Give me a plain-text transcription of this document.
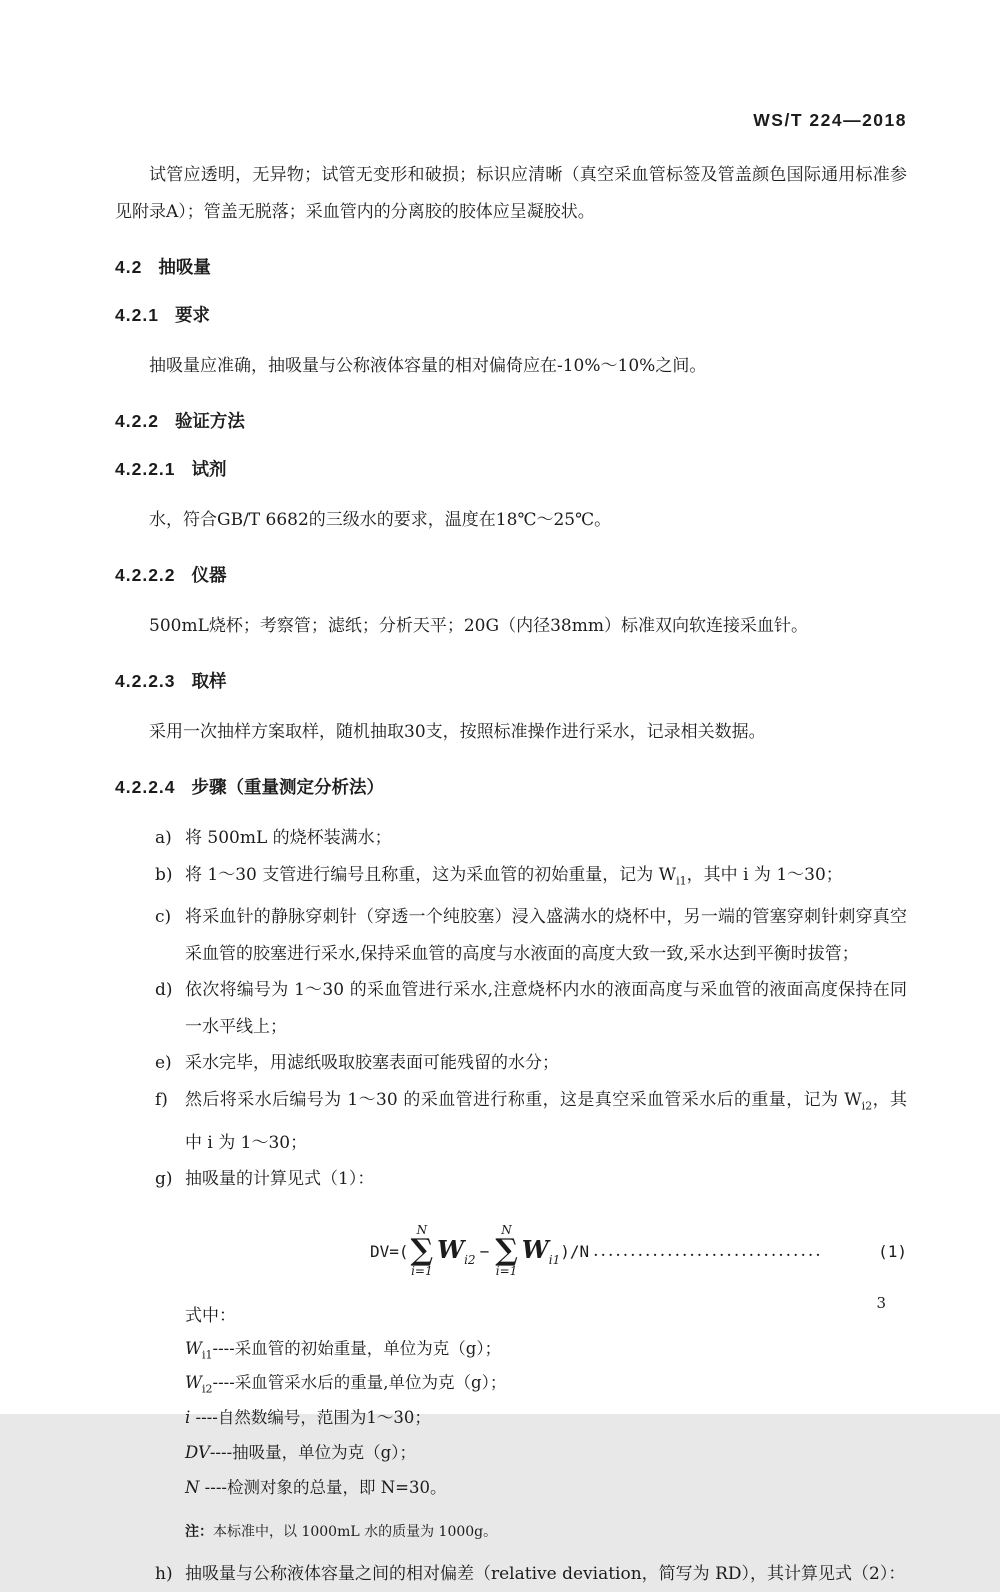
WS/T 224—2018

试管应透明，无异物；试管无变形和破损；标识应清晰（真空采血管标签及管盖颜色国际通用标准参见附录A）；管盖无脱落；采血管内的分离胶的胶体应呈凝胶状。

4.2 抽吸量
4.2.1 要求

抽吸量应准确，抽吸量与公称液体容量的相对偏倚应在-10%～10%之间。

4.2.2 验证方法
4.2.2.1 试剂

水，符合GB/T 6682的三级水的要求，温度在18℃～25℃。

4.2.2.2 仪器

500mL烧杯；考察管；滤纸；分析天平；20G（内径38mm）标准双向软连接采血针。

4.2.2.3 取样

采用一次抽样方案取样，随机抽取30支，按照标准操作进行采水，记录相关数据。

4.2.2.4 步骤（重量测定分析法）
a) 将 500mL 的烧杯装满水；
b) 将 1～30 支管进行编号且称重，这为采血管的初始重量，记为 $W_{i1}$，其中 i 为 1～30；
c) 将采血针的静脉穿刺针（穿透一个纯胶塞）浸入盛满水的烧杯中，另一端的管塞穿刺针刺穿真空采血管的胶塞进行采水,保持采血管的高度与水液面的高度大致一致,采水达到平衡时拔管；
d) 依次将编号为 1～30 的采血管进行采水,注意烧杯内水的液面高度与采血管的液面高度保持在同一水平线上；
e) 采水完毕，用滤纸吸取胶塞表面可能残留的水分；
f)	然后将采水后编号为 1～30 的采血管进行称重，这是真空采血管采水后的重量，记为 $W_{i2}$，其中 i 为 1～30；
g) 抽吸量的计算见式（1）：
DV=(
N
∑
i=1
$W_{i2}$ −
N
∑
i=1
$W_{i1}$ )/N ...............................	(1)

式中：

$W_{i1}----$采血管的初始重量，单位为克（g）；

$W_{i2}----$采血管采水后的重量,单位为克（g）；

i ----自然数编号，范围为1～30；

DV----抽吸量，单位为克（g）；

N ----检测对象的总量，即 N=30。

注：本标准中，以 1000mL 水的质量为 1000g。

h) 抽吸量与公称液体容量之间的相对偏差（relative deviation，简写为 RD），其计算见式（2）：
3
